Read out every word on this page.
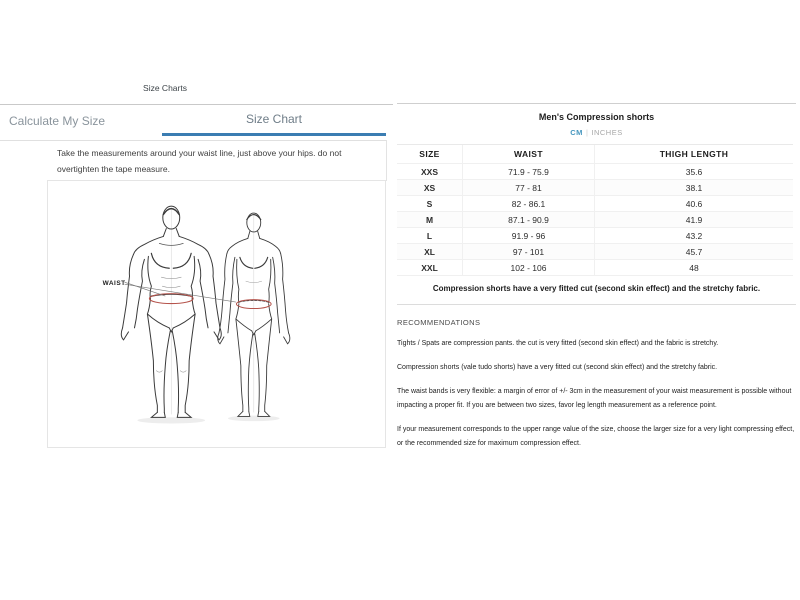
Size Charts
Calculate My Size	Size Chart

Take the measurements around your waist line, just above your hips. do not overtighten the tape measure.

WAIST
Men's Compression shorts
CM | INCHES
SIZE	WAIST	THIGH LENGTH
XXS	71.9 - 75.9	35.6
XS	77 - 81	38.1
S	82 - 86.1	40.6
M	87.1 - 90.9	41.9
L	91.9 - 96	43.2
XL	97 - 101	45.7
XXL	102 - 106	48
Compression shorts have a very fitted cut (second skin effect) and the stretchy fabric.
RECOMMENDATIONS

Tights / Spats are compression pants. the cut is very fitted (second skin effect) and the fabric is stretchy.

Compression shorts (vale tudo shorts) have a very fitted cut (second skin effect) and the stretchy fabric.

The waist bands is very flexible: a margin of error of +/- 3cm in the measurement of your waist measurement is possible without impacting a proper fit. If you are between two sizes, favor leg length measurement as a reference point.

If your measurement corresponds to the upper range value of the size, choose the larger size for a very light compressing effect, or the recommended size for maximum compression effect.
